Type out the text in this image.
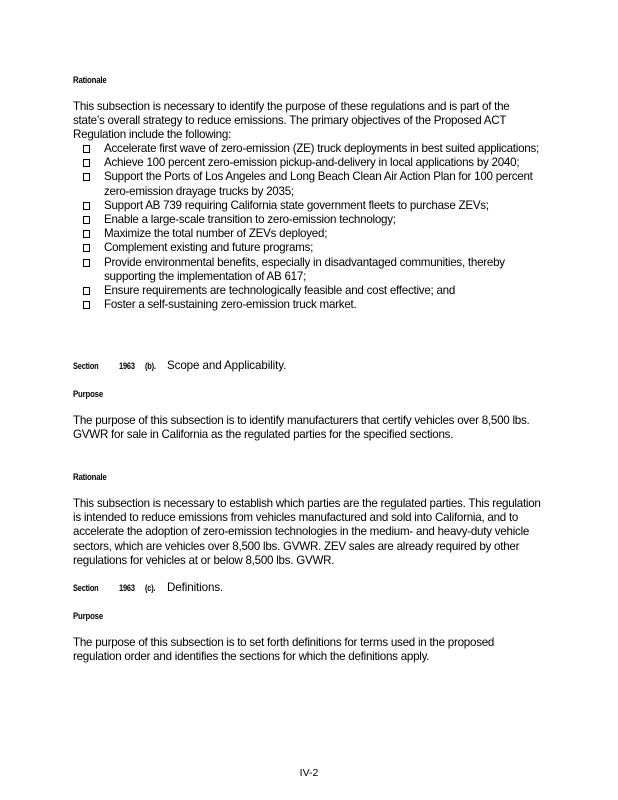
Rationale

This subsection is necessary to identify the purpose of these regulations and is part of the state’s overall strategy to reduce emissions. The primary objectives of the Proposed ACT Regulation include the following:

Accelerate first wave of zero-emission (ZE) truck deployments in best suited applications;
Achieve 100 percent zero-emission pickup-and-delivery in local applications by 2040;
Support the Ports of Los Angeles and Long Beach Clean Air Action Plan for 100 percent zero-emission drayage trucks by 2035;
Support AB 739 requiring California state government fleets to purchase ZEVs;
Enable a large-scale transition to zero-emission technology;
Maximize the total number of ZEVs deployed;
Complement existing and future programs;
Provide environmental benefits, especially in disadvantaged communities, thereby supporting the implementation of AB 617;
Ensure requirements are technologically feasible and cost effective; and
Foster a self-sustaining zero-emission truck market.
Section 1963 (b). Scope and Applicability.
Purpose

The purpose of this subsection is to identify manufacturers that certify vehicles over 8,500 lbs. GVWR for sale in California as the regulated parties for the specified sections.

Rationale

This subsection is necessary to establish which parties are the regulated parties. This regulation is intended to reduce emissions from vehicles manufactured and sold into California, and to accelerate the adoption of zero-emission technologies in the medium- and heavy-duty vehicle sectors, which are vehicles over 8,500 lbs. GVWR. ZEV sales are already required by other regulations for vehicles at or below 8,500 lbs. GVWR.

Section 1963 (c). Definitions.
Purpose

The purpose of this subsection is to set forth definitions for terms used in the proposed regulation order and identifies the sections for which the definitions apply.

IV-2
